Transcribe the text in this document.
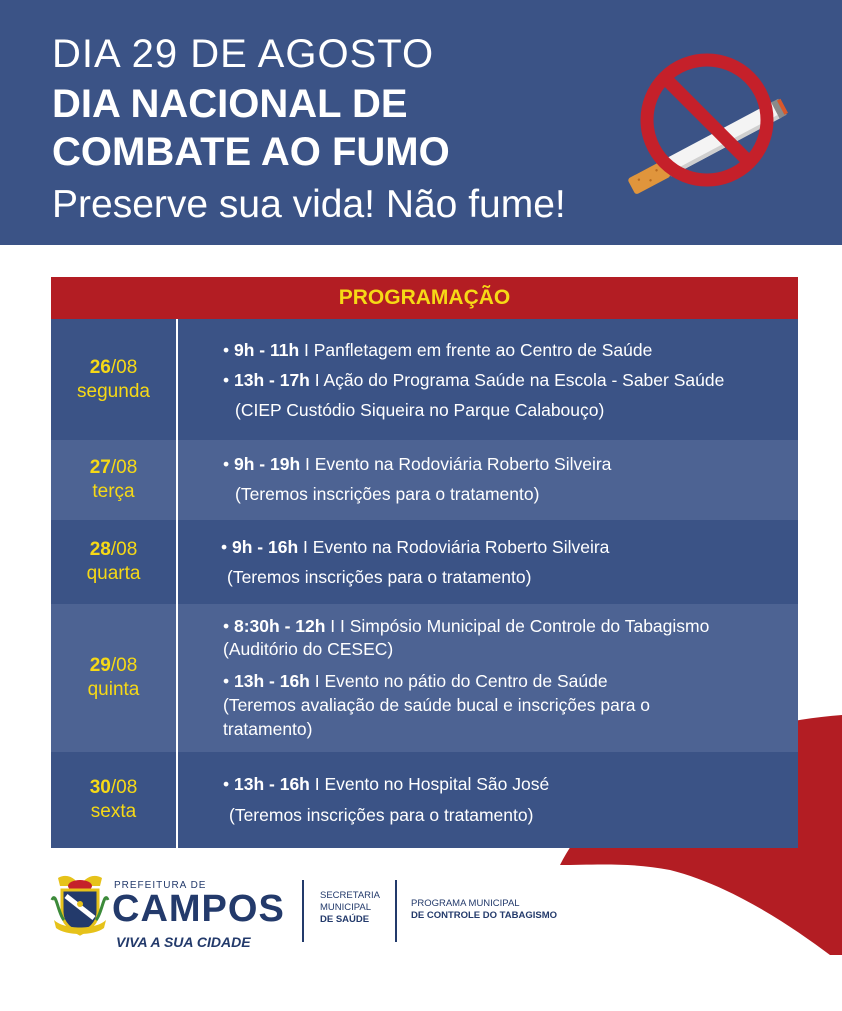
DIA 29 DE AGOSTO
DIA NACIONAL DE
COMBATE AO FUMO
Preserve sua vida! Não fume!
PROGRAMAÇÃO
26/08
segunda
• 9h - 11h I Panfletagem em frente ao Centro de Saúde
• 13h - 17h I Ação do Programa Saúde na Escola - Saber Saúde
(CIEP Custódio Siqueira no Parque Calabouço)
27/08
terça
• 9h - 19h I Evento na Rodoviária Roberto Silveira
(Teremos inscrições para o tratamento)
28/08
quarta
• 9h - 16h I Evento na Rodoviária Roberto Silveira
(Teremos inscrições para o tratamento)
29/08
quinta
• 8:30h - 12h I I Simpósio Municipal de Controle do Tabagismo
(Auditório do CESEC)
• 13h - 16h I Evento no pátio do Centro de Saúde
(Teremos avaliação de saúde bucal e inscrições para o
tratamento)
30/08
sexta
• 13h - 16h I Evento no Hospital São José
(Teremos inscrições para o tratamento)
PREFEITURA DE
CAMPOS
VIVA A SUA CIDADE
SECRETARIA
MUNICIPAL
DE SAÚDE
PROGRAMA MUNICIPAL
DE CONTROLE DO TABAGISMO
